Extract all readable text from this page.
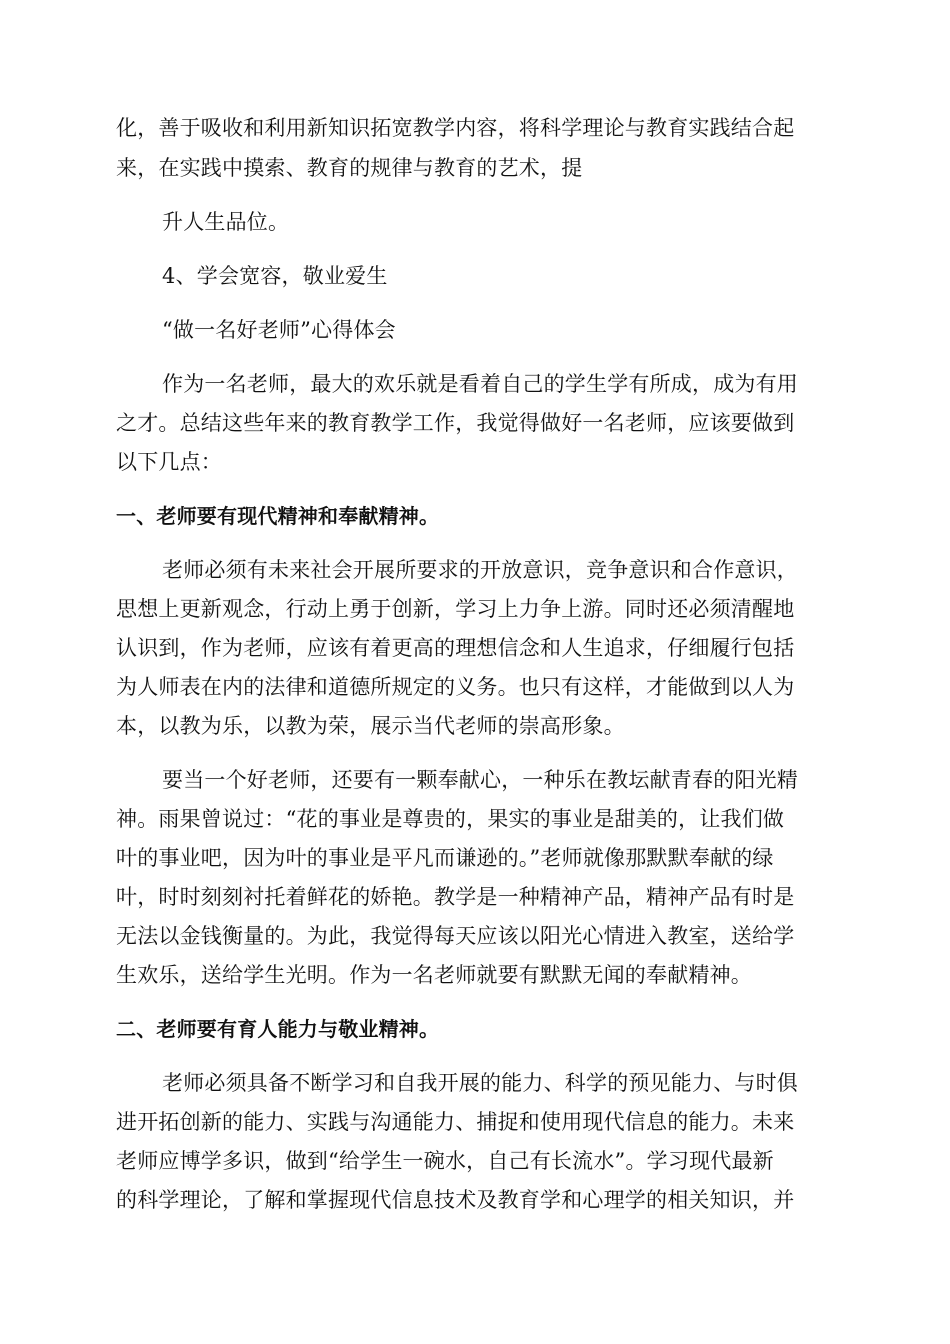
化，善于吸收和利用新知识拓宽教学内容，将科学理论与教育实践结合起
来，在实践中摸索、教育的规律与教育的艺术，提
升人生品位。
4、学会宽容，敬业爱生
“做一名好老师”心得体会
作为一名老师，最大的欢乐就是看着自己的学生学有所成，成为有用
之才。总结这些年来的教育教学工作，我觉得做好一名老师，应该要做到
以下几点：
一、老师要有现代精神和奉献精神。
老师必须有未来社会开展所要求的开放意识，竞争意识和合作意识，
思想上更新观念，行动上勇于创新，学习上力争上游。同时还必须清醒地
认识到，作为老师，应该有着更高的理想信念和人生追求，仔细履行包括
为人师表在内的法律和道德所规定的义务。也只有这样，才能做到以人为
本，以教为乐，以教为荣，展示当代老师的崇高形象。
要当一个好老师，还要有一颗奉献心，一种乐在教坛献青春的阳光精
神。雨果曾说过：“花的事业是尊贵的，果实的事业是甜美的，让我们做
叶的事业吧，因为叶的事业是平凡而谦逊的。”老师就像那默默奉献的绿
叶，时时刻刻衬托着鲜花的娇艳。教学是一种精神产品，精神产品有时是
无法以金钱衡量的。为此，我觉得每天应该以阳光心情进入教室，送给学
生欢乐，送给学生光明。作为一名老师就要有默默无闻的奉献精神。
二、老师要有育人能力与敬业精神。
老师必须具备不断学习和自我开展的能力、科学的预见能力、与时俱
进开拓创新的能力、实践与沟通能力、捕捉和使用现代信息的能力。未来
老师应博学多识，做到“给学生一碗水，自己有长流水”。学习现代最新
的科学理论，了解和掌握现代信息技术及教育学和心理学的相关知识，并
